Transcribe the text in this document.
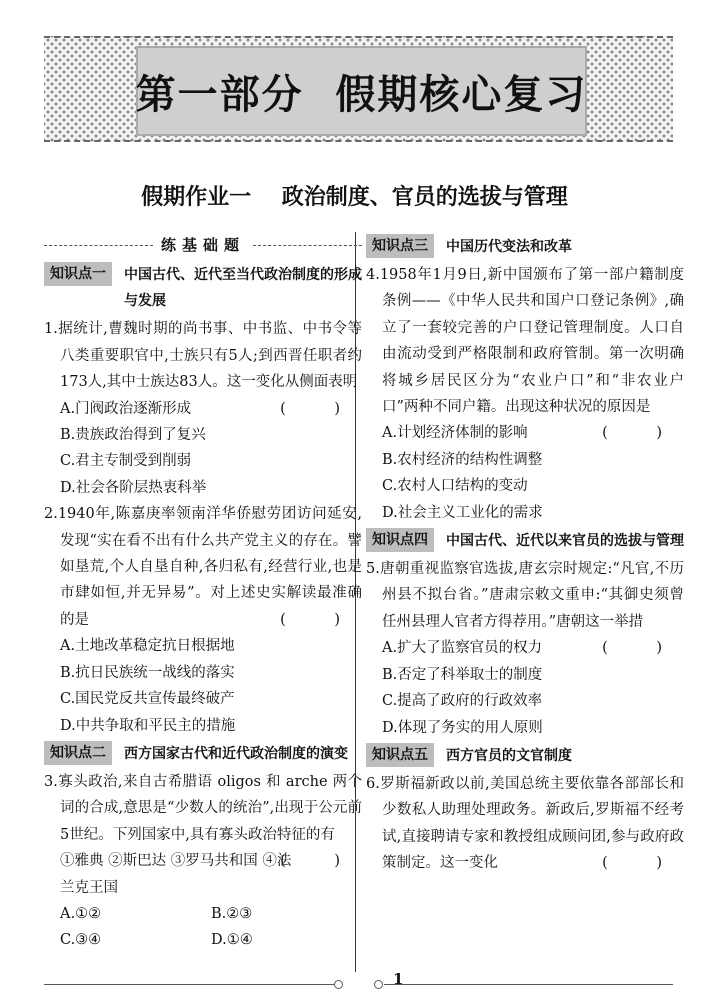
第一部分  假期核心复习
假期作业一    政治制度、官员的选拔与管理
练基础题
知识点一	中国古代、近代至当代政治制度的形成与发展

1.据统计,曹魏时期的尚书事、中书监、中书令等八类重要职官中,士族只有5人;到西晋任职者约173人,其中士族达83人。这一变化从侧面表明
( )

A.门阀政治逐渐形成
B.贵族政治得到了复兴
C.君主专制受到削弱
D.社会各阶层热衷科举

2.1940年,陈嘉庚率领南洋华侨慰劳团访问延安,发现“实在看不出有什么共产党主义的存在。譬如垦荒,个人自垦自种,各归私有,经营行业,也是市肆如恒,并无异易”。对上述史实解读最准确的是	( )

A.土地改革稳定抗日根据地
B.抗日民族统一战线的落实
C.国民党反共宣传最终破产
D.中共争取和平民主的措施
知识点二	西方国家古代和近代政治制度的演变

3.寡头政治,来自古希腊语 oligos 和 arche 两个词的合成,意思是“少数人的统治”,出现于公元前5世纪。下列国家中,具有寡头政治特征的有
( )

①雅典 ②斯巴达 ③罗马共和国 ④法兰克王国
A.①②	B.②③
C.③④	D.①④
知识点三	中国历代变法和改革

4.1958年1月9日,新中国颁布了第一部户籍制度条例——《中华人民共和国户口登记条例》,确立了一套较完善的户口登记管理制度。人口自由流动受到严格限制和政府管制。第一次明确将城乡居民区分为“农业户口”和“非农业户口”两种不同户籍。出现这种状况的原因是
( )

A.计划经济体制的影响
B.农村经济的结构性调整
C.农村人口结构的变动
D.社会主义工业化的需求
知识点四	中国古代、近代以来官员的选拔与管理

5.唐朝重视监察官选拔,唐玄宗时规定:“凡官,不历州县不拟台省。”唐肃宗敕文重申:“其御史须曾任州县理人官者方得荐用。”唐朝这一举措
( )

A.扩大了监察官员的权力
B.否定了科举取士的制度
C.提高了政府的行政效率
D.体现了务实的用人原则
知识点五	西方官员的文官制度

6.罗斯福新政以前,美国总统主要依靠各部部长和少数私人助理处理政务。新政后,罗斯福不经考试,直接聘请专家和教授组成顾问团,参与政府政策制定。这一变化	( )

1
